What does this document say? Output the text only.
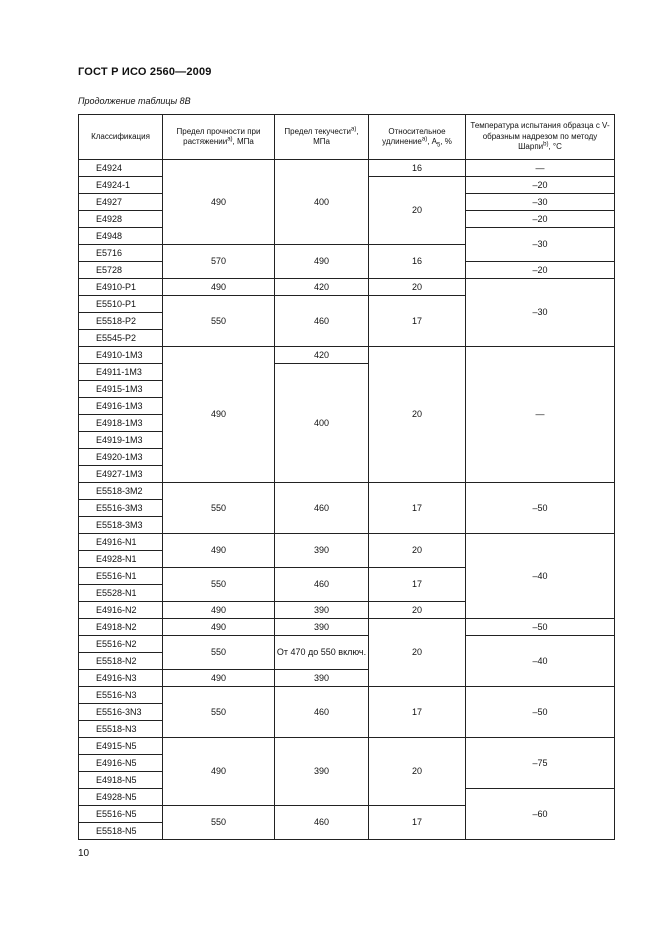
ГОСТ Р ИСО 2560—2009
Продолжение таблицы 8В
Классификация	Предел прочности при растяжении$^{а)}$, МПа	Предел текучести$^{а)}$, МПа	Относительное удлинение$^{а)}$, $A_5$, %	Температура испытания образца с V-образным надрезом по методу Шарпи$^{b)}$, °С
E4924	490	400	16	—
E4924-1			20	–20
E4927				–30
E4928				–20
E4948				–30
E5716	570	490	16	
E5728				–20
E4910-P1	490	420	20	–30
E5510-P1	550	460	17	
E5518-P2				
E5545-P2				
E4910-1M3	490	420	20	—
E4911-1M3		400		
E4915-1M3				
E4916-1M3				
E4918-1M3				
E4919-1M3				
E4920-1M3				
E4927-1M3				
E5518-3M2	550	460	17	–50
E5516-3M3				
E5518-3M3				
E4916-N1	490	390	20	–40
E4928-N1				
E5516-N1	550	460	17	
E5528-N1				
E4916-N2	490	390	20	
E4918-N2	490	390	20	–50
E5516-N2	550	От 470 до 550 включ.		–40
E5518-N2				
E4916-N3	490	390		
E5516-N3	550	460	17	–50
E5516-3N3				
E5518-N3				
E4915-N5	490	390	20	–75
E4916-N5				
E4918-N5				
E4928-N5				–60
E5516-N5	550	460	17	
E5518-N5				
10
